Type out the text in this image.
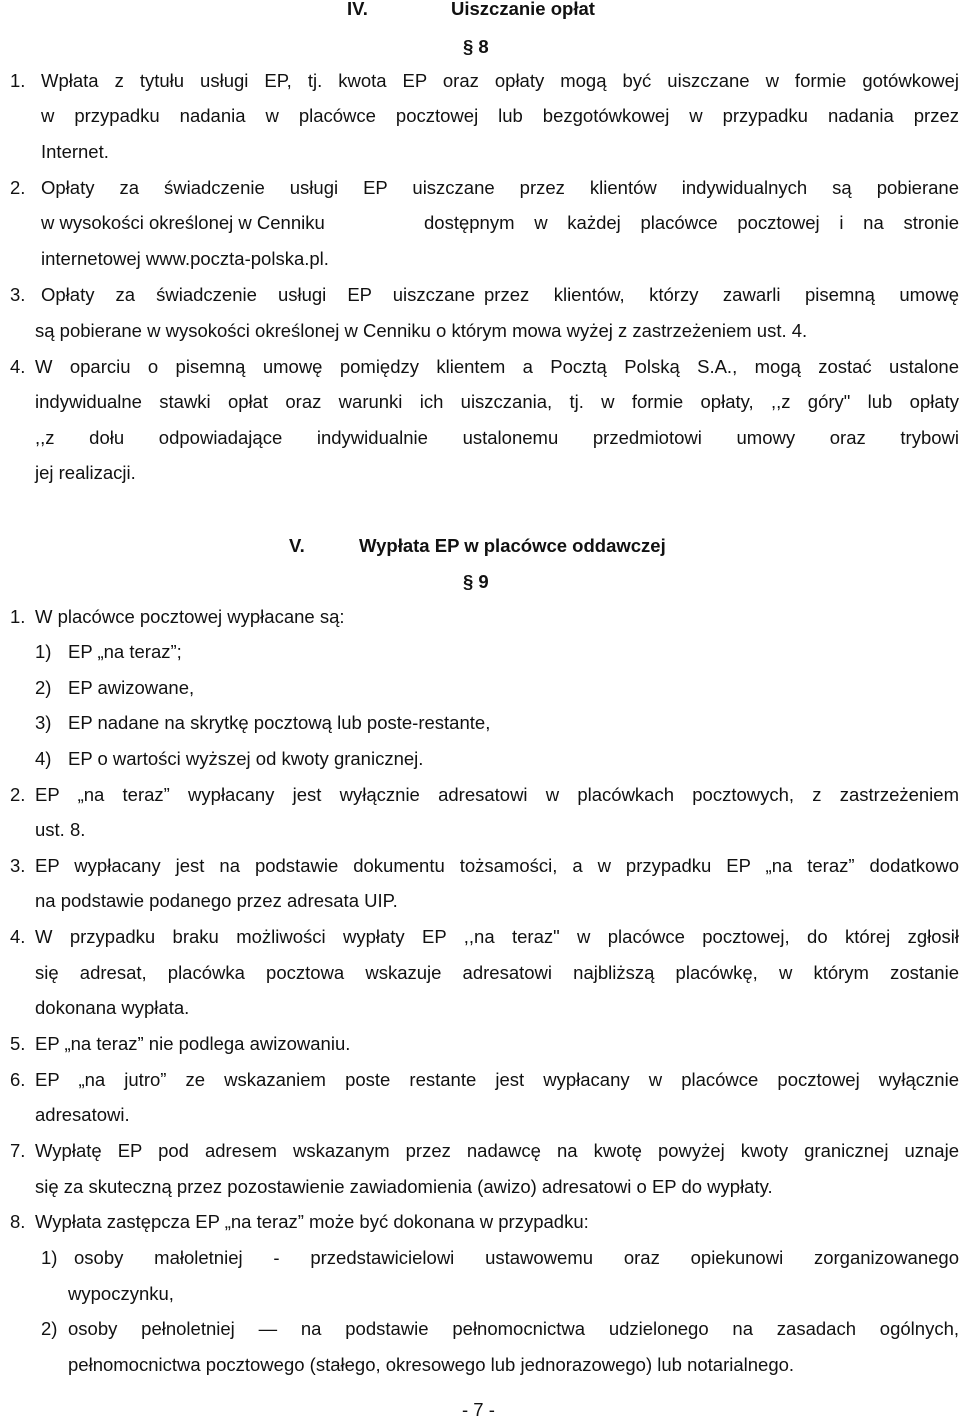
IV.	Uiszczanie opłat
§ 8
1. Wpłata z tytułu usługi EP, tj. kwota EP oraz opłaty mogą być uiszczane w formie gotówkowej
w przypadku nadania w placówce pocztowej lub bezgotówkowej w przypadku nadania przez
Internet.
2. Opłaty za świadczenie usługi EP uiszczane przez klientów indywidualnych są pobierane
w wysokości określonej w Cenniku	dostępnym w każdej placówce pocztowej i na stronie
internetowej www.poczta-polska.pl.
3. Opłaty za świadczenie usługi EP uiszczane przez klientów, którzy zawarli pisemną umowę
są pobierane w wysokości określonej w Cenniku o którym mowa wyżej z zastrzeżeniem ust. 4.
4. W oparciu o pisemną umowę pomiędzy klientem a Pocztą Polską S.A., mogą zostać ustalone
indywidualne stawki opłat oraz warunki ich uiszczania, tj. w formie opłaty, ,,z góry" lub opłaty
,,z dołu odpowiadające indywidualnie ustalonemu przedmiotowi umowy oraz trybowi
jej realizacji.
V.	Wypłata EP w placówce oddawczej
§ 9
1. W placówce pocztowej wypłacane są:
1) EP „na teraz”;
2) EP awizowane,
3) EP nadane na skrytkę pocztową lub poste-restante,
4) EP o wartości wyższej od kwoty granicznej.
2. EP „na teraz” wypłacany jest wyłącznie adresatowi w placówkach pocztowych, z zastrzeżeniem
ust. 8.
3. EP wypłacany jest na podstawie dokumentu tożsamości, a w przypadku EP „na teraz” dodatkowo
na podstawie podanego przez adresata UIP.
4. W przypadku braku możliwości wypłaty EP ,,na teraz" w placówce pocztowej, do której zgłosił
się adresat, placówka pocztowa wskazuje adresatowi najbliższą placówkę, w którym zostanie
dokonana wypłata.
5. EP „na teraz” nie podlega awizowaniu.
6. EP „na jutro” ze wskazaniem poste restante jest wypłacany w placówce pocztowej wyłącznie
adresatowi.
7. Wypłatę EP pod adresem wskazanym przez nadawcę na kwotę powyżej kwoty granicznej uznaje
się za skuteczną przez pozostawienie zawiadomienia (awizo) adresatowi o EP do wypłaty.
8. Wypłata zastępcza EP „na teraz” może być dokonana w przypadku:
1) osoby małoletniej - przedstawicielowi ustawowemu oraz opiekunowi zorganizowanego
wypoczynku,
2) osoby pełnoletniej — na podstawie pełnomocnictwa udzielonego na zasadach ogólnych,
pełnomocnictwa pocztowego (stałego, okresowego lub jednorazowego) lub notarialnego.
- 7 -
